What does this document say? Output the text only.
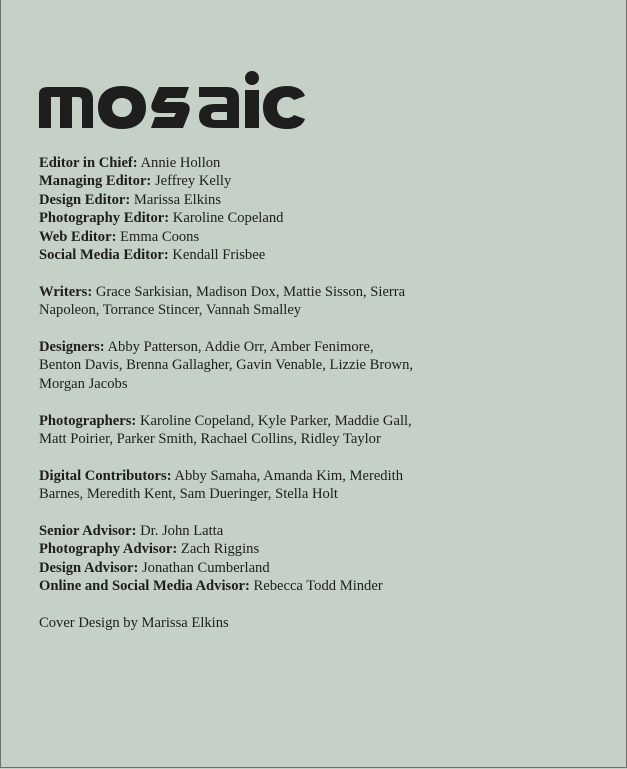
Editor in Chief: Annie Hollon
Managing Editor: Jeffrey Kelly
Design Editor: Marissa Elkins
Photography Editor: Karoline Copeland
Web Editor: Emma Coons
Social Media Editor: Kendall Frisbee
Writers: Grace Sarkisian, Madison Dox, Mattie Sisson, Sierra Napoleon, Torrance Stincer, Vannah Smalley
Designers: Abby Patterson, Addie Orr, Amber Fenimore, Benton Davis, Brenna Gallagher, Gavin Venable, Lizzie Brown, Morgan Jacobs
Photographers: Karoline Copeland, Kyle Parker, Maddie Gall, Matt Poirier, Parker Smith, Rachael Collins, Ridley Taylor
Digital Contributors: Abby Samaha, Amanda Kim, Meredith Barnes, Meredith Kent, Sam Dueringer, Stella Holt
Senior Advisor: Dr. John Latta
Photography Advisor: Zach Riggins
Design Advisor: Jonathan Cumberland
Online and Social Media Advisor: Rebecca Todd Minder
Cover Design by Marissa Elkins
